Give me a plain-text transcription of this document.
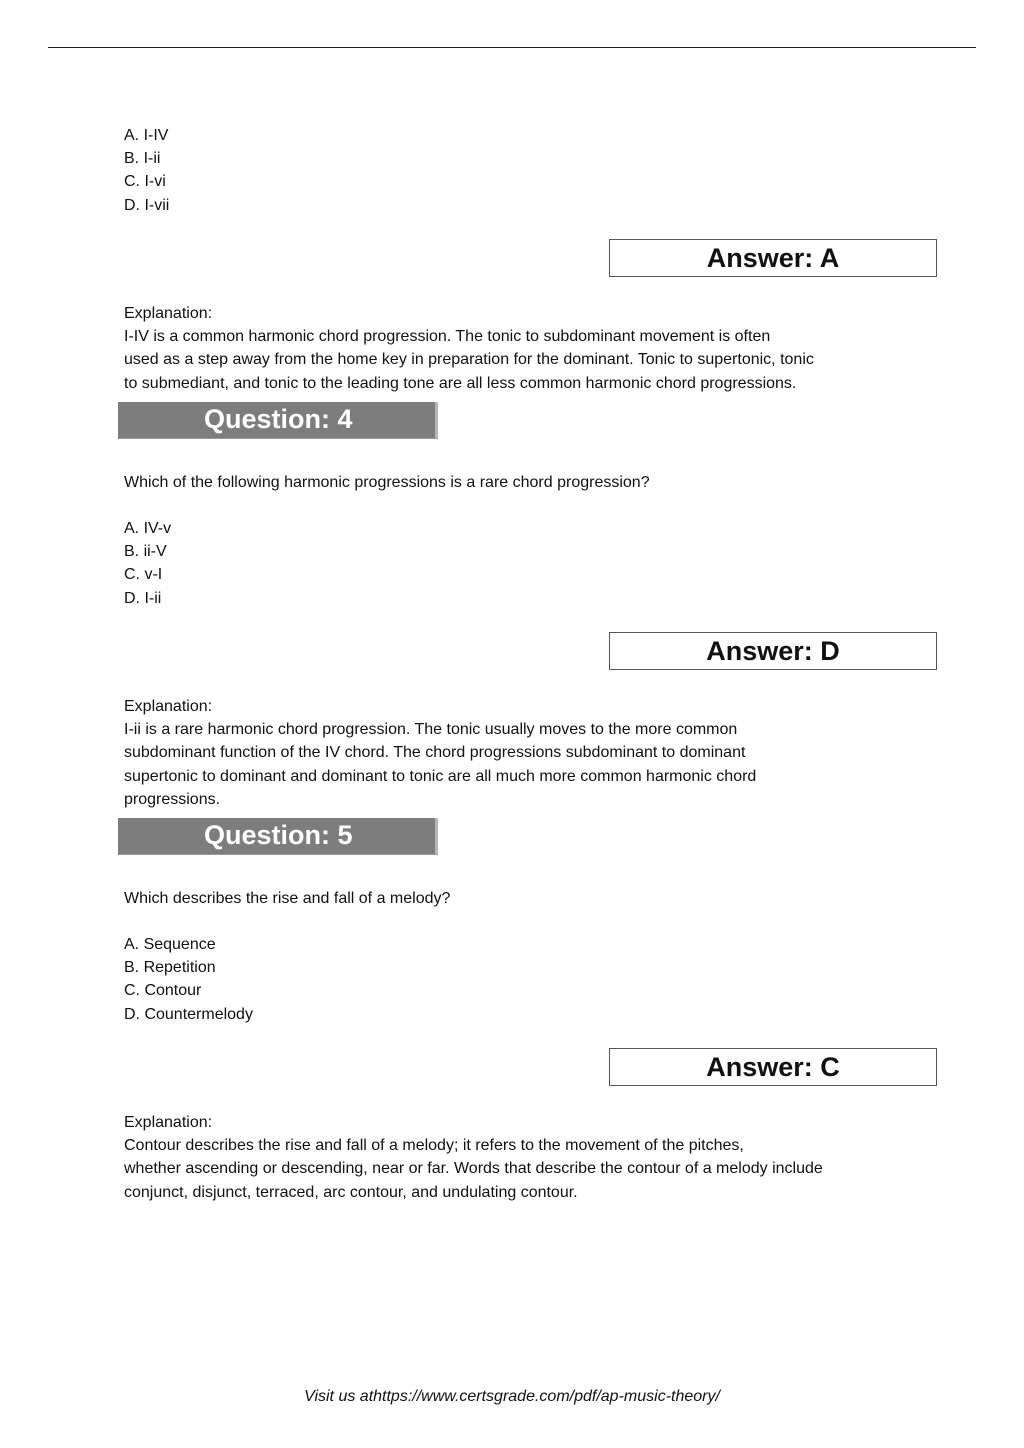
A. I-IV
B. I-ii
C. I-vi
D. I-vii
Answer: A
Explanation:
I-IV is a common harmonic chord progression. The tonic to subdominant movement is often
used as a step away from the home key in preparation for the dominant. Tonic to supertonic, tonic
to submediant, and tonic to the leading tone are all less common harmonic chord progressions.
Question: 4
Which of the following harmonic progressions is a rare chord progression?
A. IV-v
B. ii-V
C. v-I
D. I-ii
Answer: D
Explanation:
I-ii is a rare harmonic chord progression. The tonic usually moves to the more common
subdominant function of the IV chord. The chord progressions subdominant to dominant
supertonic to dominant and dominant to tonic are all much more common harmonic chord
progressions.
Question: 5
Which describes the rise and fall of a melody?
A. Sequence
B. Repetition
C. Contour
D. Countermelody
Answer: C
Explanation:
Contour describes the rise and fall of a melody; it refers to the movement of the pitches,
whether ascending or descending, near or far. Words that describe the contour of a melody include
conjunct, disjunct, terraced, arc contour, and undulating contour.
Visit us athttps://www.certsgrade.com/pdf/ap-music-theory/
